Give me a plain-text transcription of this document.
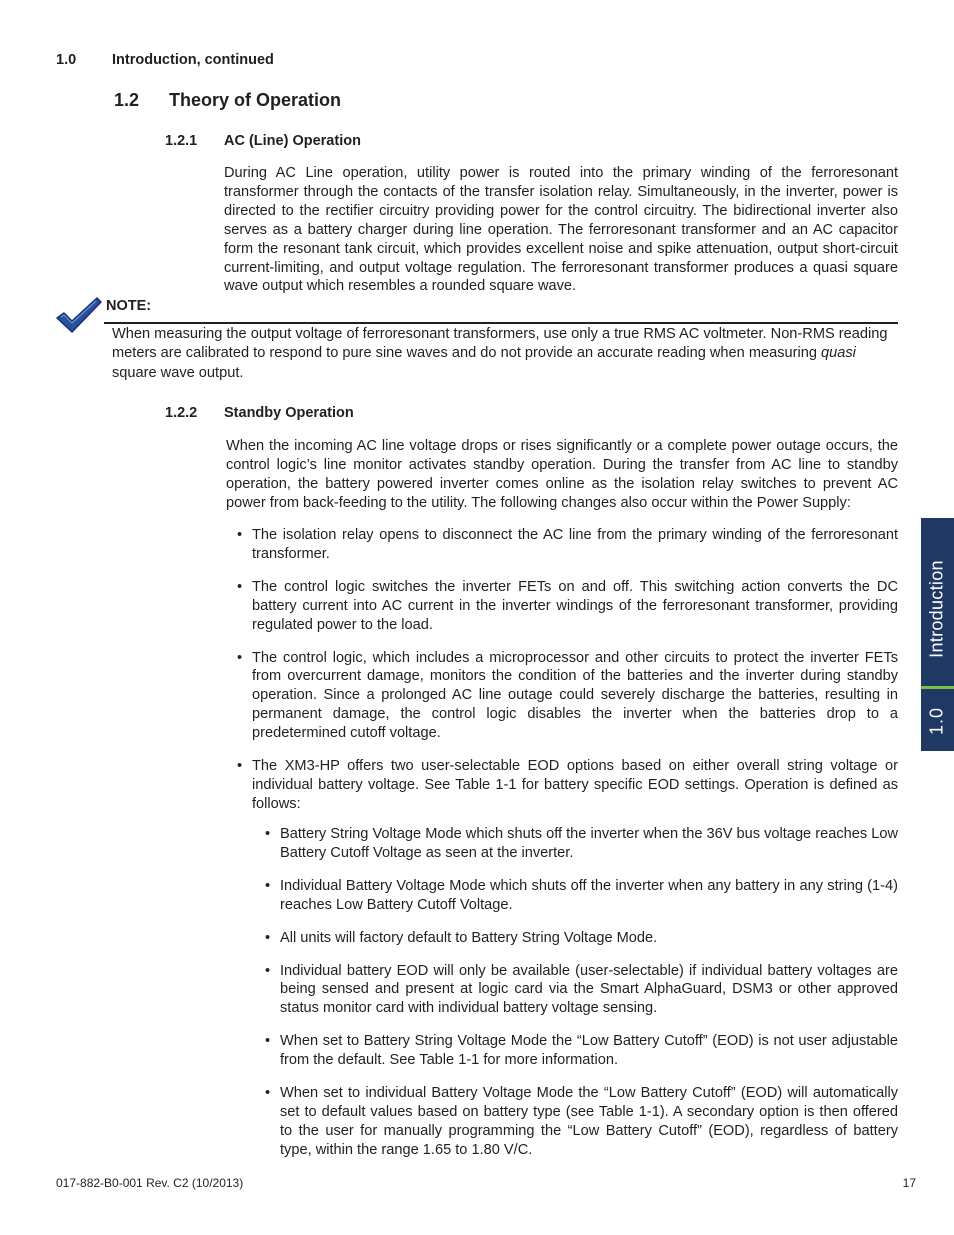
1.0 Introduction, continued
1.2 Theory of Operation
1.2.1 AC (Line) Operation
During AC Line operation, utility power is routed into the primary winding of the ferroresonant transformer through the contacts of the transfer isolation relay. Simultaneously, in the inverter, power is directed to the rectifier circuitry providing power for the control circuitry. The bidirectional inverter also serves as a battery charger during line operation. The ferroresonant transformer and an AC capacitor form the resonant tank circuit, which provides excellent noise and spike attenuation, output short-circuit current-limiting, and output voltage regulation. The ferroresonant transformer produces a quasi square wave output which resembles a rounded square wave.
NOTE:
When measuring the output voltage of ferroresonant transformers, use only a true RMS AC voltmeter. Non-RMS reading meters are calibrated to respond to pure sine waves and do not provide an accurate reading when measuring quasi square wave output.
1.2.2 Standby Operation
When the incoming AC line voltage drops or rises significantly or a complete power outage occurs, the control logic’s line monitor activates standby operation. During the transfer from AC line to standby operation, the battery powered inverter comes online as the isolation relay switches to prevent AC power from back-feeding to the utility. The following changes also occur within the Power Supply:
• The isolation relay opens to disconnect the AC line from the primary winding of the ferroresonant transformer.
• The control logic switches the inverter FETs on and off. This switching action converts the DC battery current into AC current in the inverter windings of the ferroresonant transformer, providing regulated power to the load.
• The control logic, which includes a microprocessor and other circuits to protect the inverter FETs from overcurrent damage, monitors the condition of the batteries and the inverter during standby operation. Since a prolonged AC line outage could severely discharge the batteries, resulting in permanent damage, the control logic disables the inverter when the batteries drop to a predetermined cutoff voltage.
• The XM3-HP offers two user-selectable EOD options based on either overall string voltage or individual battery voltage. See Table 1-1 for battery specific EOD settings. Operation is defined as follows:
• Battery String Voltage Mode which shuts off the inverter when the 36V bus voltage reaches Low Battery Cutoff Voltage as seen at the inverter.
• Individual Battery Voltage Mode which shuts off the inverter when any battery in any string (1-4) reaches Low Battery Cutoff Voltage.
• All units will factory default to Battery String Voltage Mode.
• Individual battery EOD will only be available (user-selectable) if individual battery voltages are being sensed and present at logic card via the Smart AlphaGuard, DSM3 or other approved status monitor card with individual battery voltage sensing.
• When set to Battery String Voltage Mode the “Low Battery Cutoff” (EOD) is not user adjustable from the default. See Table 1-1 for more information.
• When set to individual Battery Voltage Mode the “Low Battery Cutoff” (EOD) will automatically set to default values based on battery type (see Table 1-1). A secondary option is then offered to the user for manually programming the “Low Battery Cutoff” (EOD), regardless of battery type, within the range 1.65 to 1.80 V/C.
Introduction
1.0
017-882-B0-001 Rev. C2 (10/2013)	17
